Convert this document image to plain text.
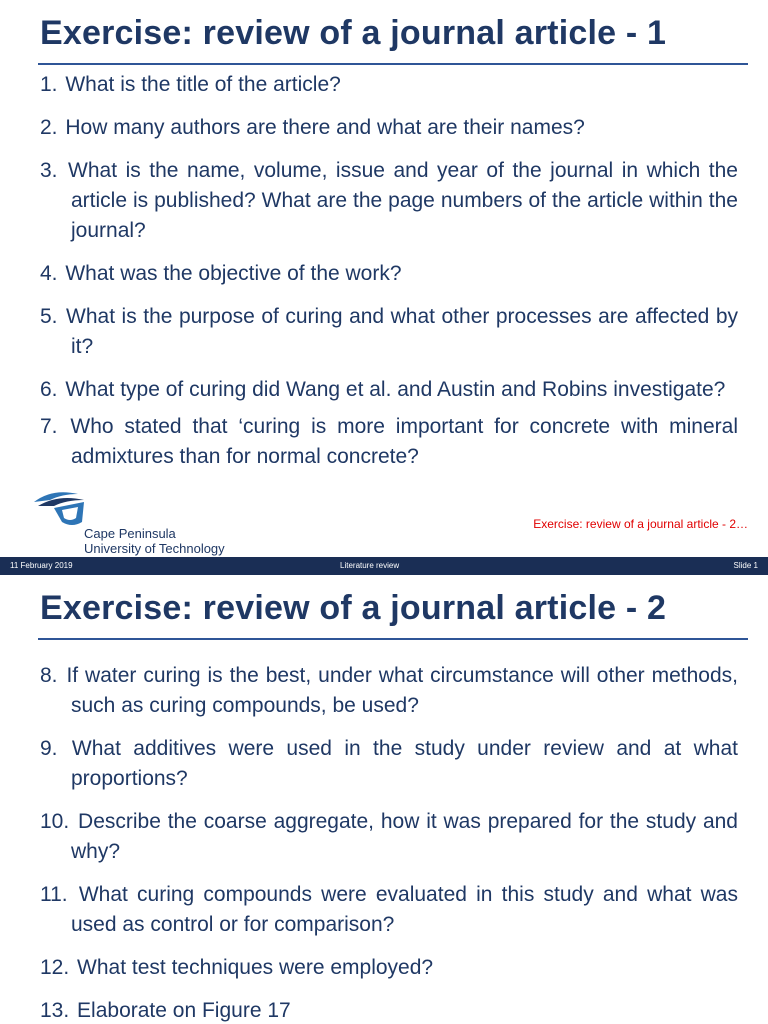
Exercise: review of a journal article - 1
1. What is the title of the article?
2. How many authors are there and what are their names?
3. What is the name, volume, issue and year of the journal in which the article is published? What are the page numbers of the article within the journal?
4. What was the objective of the work?
5. What is the purpose of curing and what other processes are affected by it?
6. What type of curing did Wang et al. and Austin and Robins investigate?
7. Who stated that ‘curing is more important for concrete with mineral admixtures than for normal concrete?

Cape Peninsula
University of Technology

Exercise: review of a journal article - 2…
11 February 2019	Literature review	Slide 1
Exercise: review of a journal article - 2
8. If water curing is the best, under what circumstance will other methods, such as curing compounds, be used?
9. What additives were used in the study under review and at what proportions?
10. Describe the coarse aggregate, how it was prepared for the study and why?
11. What curing compounds were evaluated in this study and what was used as control or for comparison?
12. What test techniques were employed?
13. Elaborate on Figure 17
